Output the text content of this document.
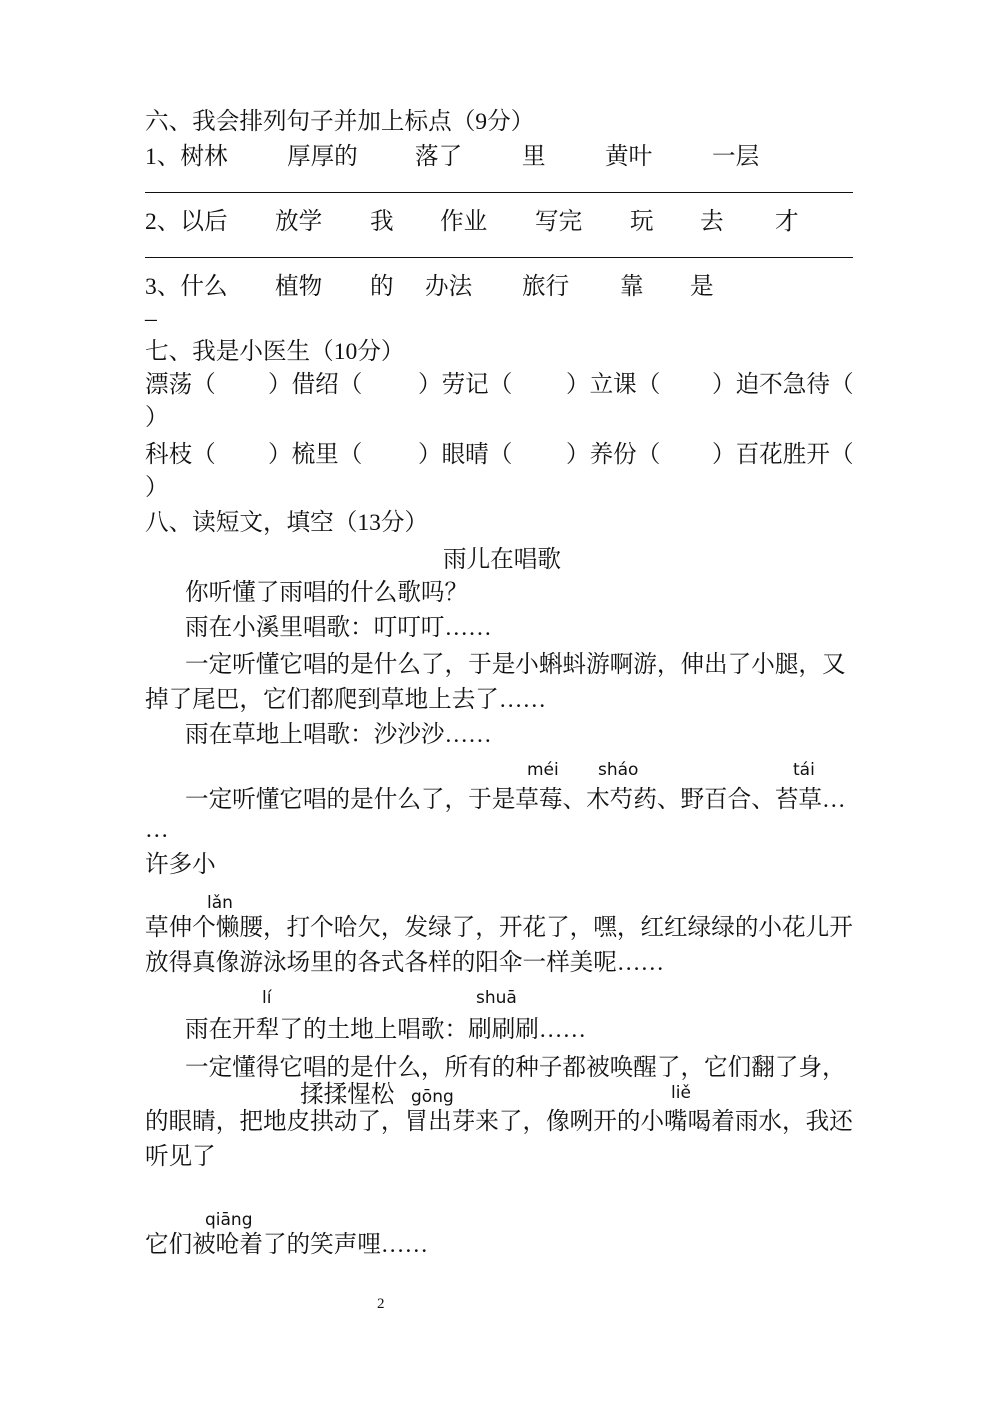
六、我会排列句子并加上标点（9分）
1、树林	厚厚的 落了	里	黄叶	一层
2、以后 放学 我 作业 写完 玩 去 才
3、什么 植物 的 办法 旅行 靠 是
_
七、我是小医生（10分）
漂荡（ ）借绍（ ）劳记（ ）立课（ ）迫不急待（
）
科枝（ ）梳里（ ）眼晴（ ）养份（ ）百花胜开（
）
八、读短文，填空（13分）
雨儿在唱歌
你听懂了雨唱的什么歌吗？
雨在小溪里唱歌：叮叮叮……
一定听懂它唱的是什么了，于是小蝌蚪游啊游，伸出了小腿，又
掉了尾巴，它们都爬到草地上去了……
雨在草地上唱歌：沙沙沙……
méi sháo	tái
一定听懂它唱的是什么了，于是草莓、木芍药、野百合、苔草…
…
许多小
lǎn
草伸个懒腰，打个哈欠，发绿了，开花了，嘿，红红绿绿的小花儿开
放得真像游泳场里的各式各样的阳伞一样美呢……
lí	shuā
雨在开犁了的土地上唱歌：刷刷刷……
一定懂得它唱的是什么，所有的种子都被唤醒了，它们翻了身，
揉揉惺松 gōng	liě
的眼睛，把地皮拱动了，冒出芽来了，像咧开的小嘴喝着雨水，我还
听见了
qiāng
它们被呛着了的笑声哩……
2
